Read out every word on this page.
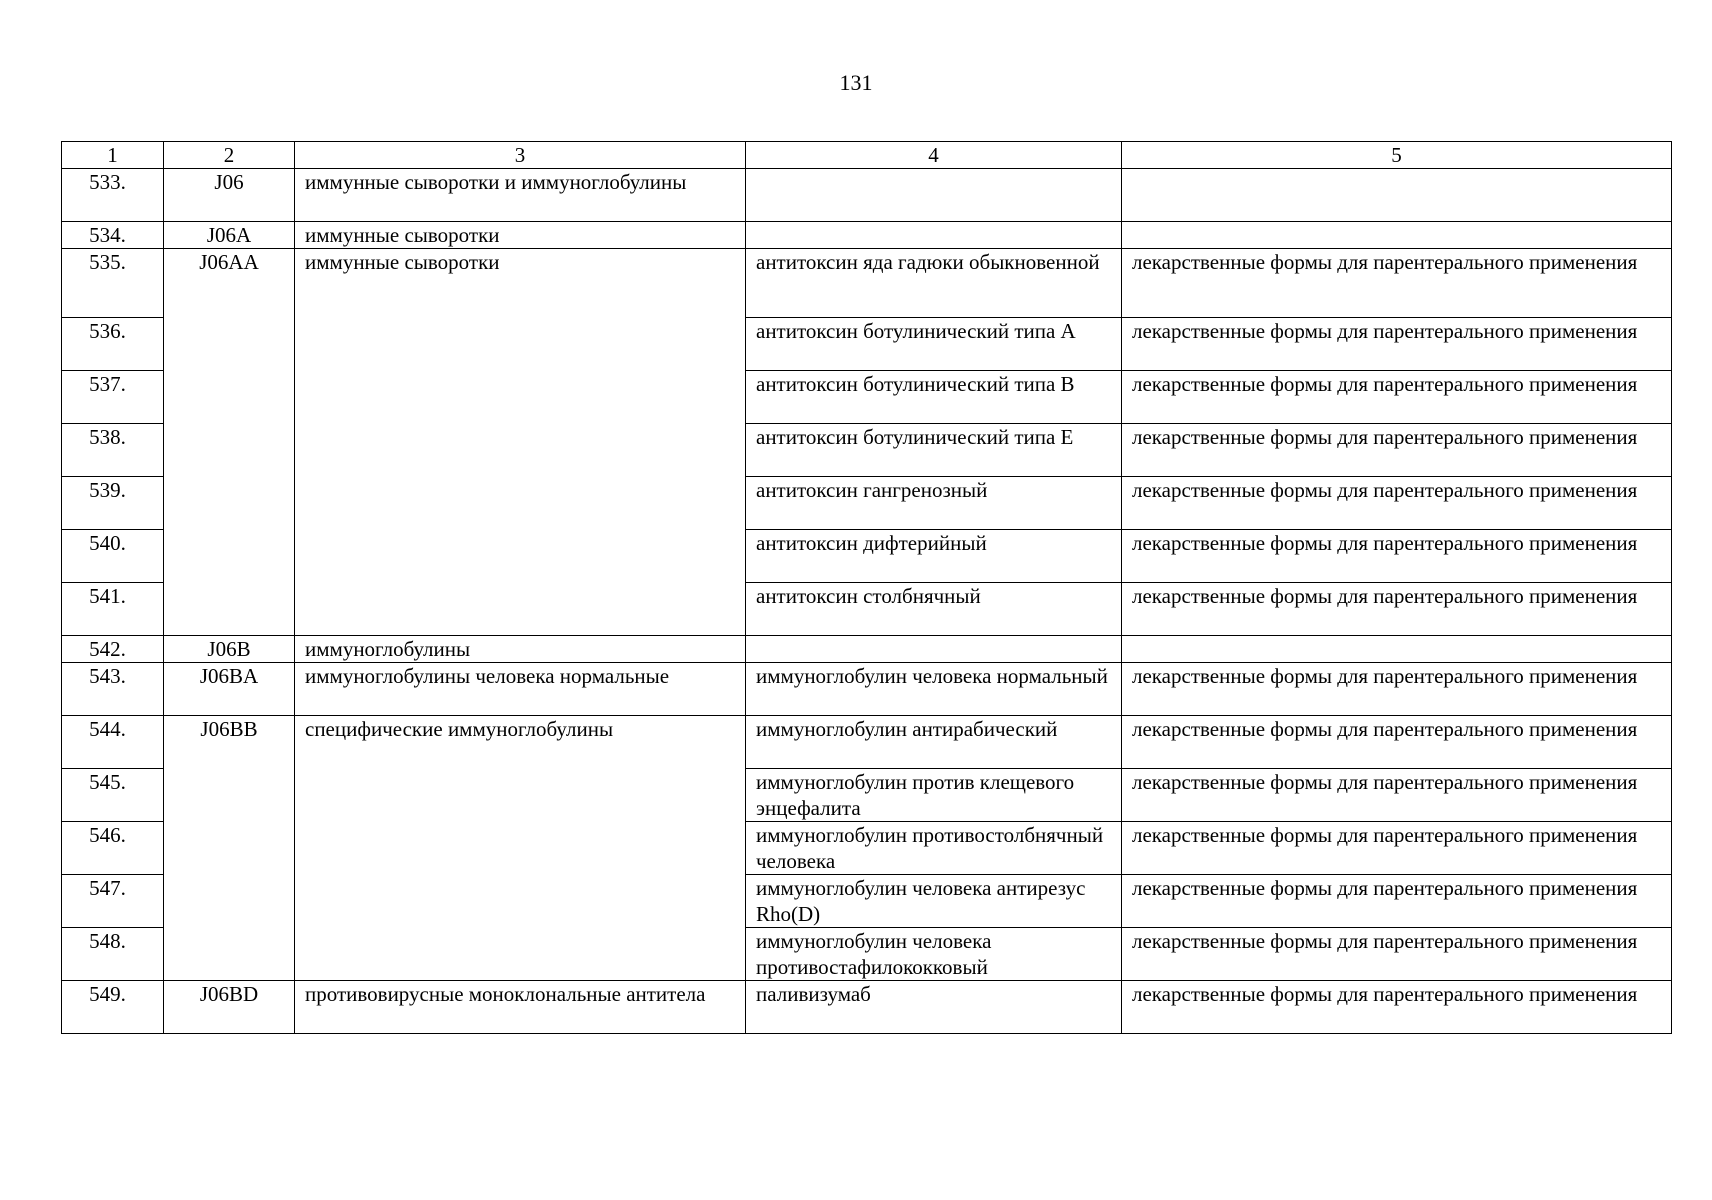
131
1	2	3	4	5
533.	J06	иммунные сыворотки и иммуноглобулины		
534.	J06A	иммунные сыворотки		
535.	J06AA	иммунные сыворотки	антитоксин яда гадюки обыкновенной	лекарственные формы для парентерального применения
536.			антитоксин ботулинический типа А	лекарственные формы для парентерального применения
537.			антитоксин ботулинический типа В	лекарственные формы для парентерального применения
538.			антитоксин ботулинический типа Е	лекарственные формы для парентерального применения
539.			антитоксин гангренозный	лекарственные формы для парентерального применения
540.			антитоксин дифтерийный	лекарственные формы для парентерального применения
541.			антитоксин столбнячный	лекарственные формы для парентерального применения
542.	J06B	иммуноглобулины		
543.	J06BA	иммуноглобулины человека нормальные	иммуноглобулин человека нормальный	лекарственные формы для парентерального применения
544.	J06BB	специфические иммуноглобулины	иммуноглобулин антирабический	лекарственные формы для парентерального применения
545.			иммуноглобулин против клещевого энцефалита	лекарственные формы для парентерального применения
546.			иммуноглобулин противостолбнячный человека	лекарственные формы для парентерального применения
547.			иммуноглобулин человека антирезус Rho(D)	лекарственные формы для парентерального применения
548.			иммуноглобулин человека противостафилококковый	лекарственные формы для парентерального применения
549.	J06BD	противовирусные моноклональные антитела	паливизумаб	лекарственные формы для парентерального применения
